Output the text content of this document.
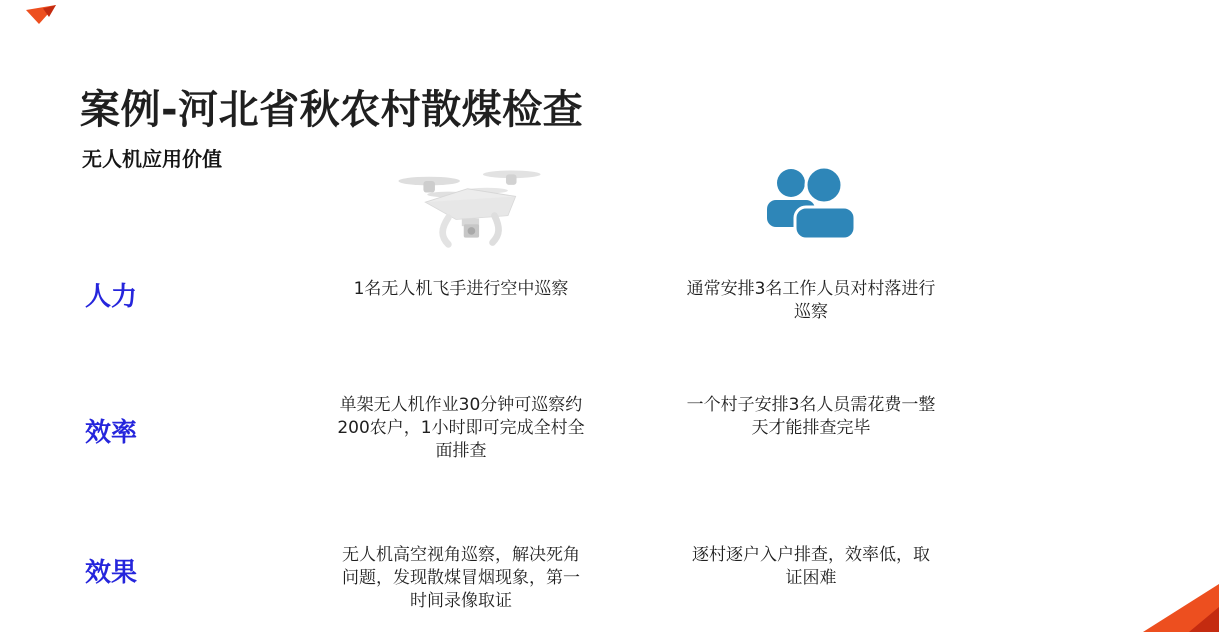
案例-河北省秋农村散煤检查
无人机应用价值
人力	1名无人机飞手进行空中巡察	通常安排3名工作人员对村落进行巡察
效率
单架无人机作业30分钟可巡察约200农户，1小时即可完成全村全面排查
一个村子安排3名人员需花费一整天才能排查完毕
效果
无人机高空视角巡察，解决死角问题，发现散煤冒烟现象，第一时间录像取证
逐村逐户入户排查，效率低，取证困难
